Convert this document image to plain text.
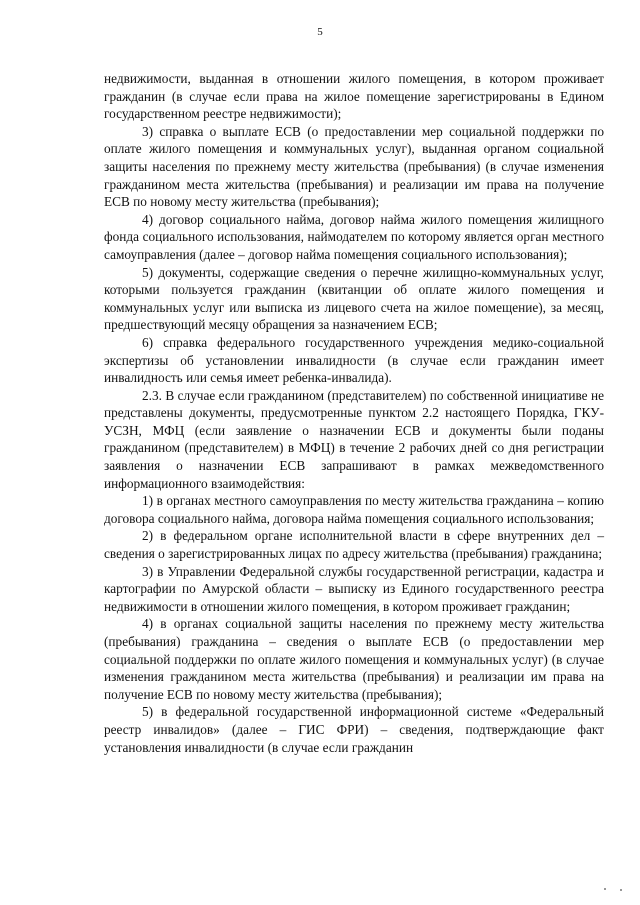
5

недвижимости, выданная в отношении жилого помещения, в котором проживает гражданин (в случае если права на жилое помещение зарегистрированы в Едином государственном реестре недвижимости);

3) справка о выплате ЕСВ (о предоставлении мер социальной поддержки по оплате жилого помещения и коммунальных услуг), выданная органом социальной защиты населения по прежнему месту жительства (пребывания) (в случае изменения гражданином места жительства (пребывания) и реализации им права на получение ЕСВ по новому месту жительства (пребывания);

4) договор социального найма, договор найма жилого помещения жилищного фонда социального использования, наймодателем по которому является орган местного самоуправления (далее – договор найма помещения социального использования);

5) документы, содержащие сведения о перечне жилищно-коммунальных услуг, которыми пользуется гражданин (квитанции об оплате жилого помещения и коммунальных услуг или выписка из лицевого счета на жилое помещение), за месяц, предшествующий месяцу обращения за назначением ЕСВ;

6) справка федерального государственного учреждения медико-социальной экспертизы об установлении инвалидности (в случае если гражданин имеет инвалидность или семья имеет ребенка-инвалида).

2.3. В случае если гражданином (представителем) по собственной инициативе не представлены документы, предусмотренные пунктом 2.2 настоящего Порядка, ГКУ-УСЗН, МФЦ (если заявление о назначении ЕСВ и документы были поданы гражданином (представителем) в МФЦ) в течение 2 рабочих дней со дня регистрации заявления о назначении ЕСВ запрашивают в рамках межведомственного информационного взаимодействия:

1) в органах местного самоуправления по месту жительства гражданина – копию договора социального найма, договора найма помещения социального использования;

2) в федеральном органе исполнительной власти в сфере внутренних дел – сведения о зарегистрированных лицах по адресу жительства (пребывания) гражданина;

3) в Управлении Федеральной службы государственной регистрации, кадастра и картографии по Амурской области – выписку из Единого государственного реестра недвижимости в отношении жилого помещения, в котором проживает гражданин;

4) в органах социальной защиты населения по прежнему месту жительства (пребывания) гражданина – сведения о выплате ЕСВ (о предоставлении мер социальной поддержки по оплате жилого помещения и коммунальных услуг) (в случае изменения гражданином места жительства (пребывания) и реализации им права на получение ЕСВ по новому месту жительства (пребывания);

5) в федеральной государственной информационной системе «Федеральный реестр инвалидов» (далее – ГИС ФРИ) – сведения, подтверждающие факт установления инвалидности (в случае если гражданин
